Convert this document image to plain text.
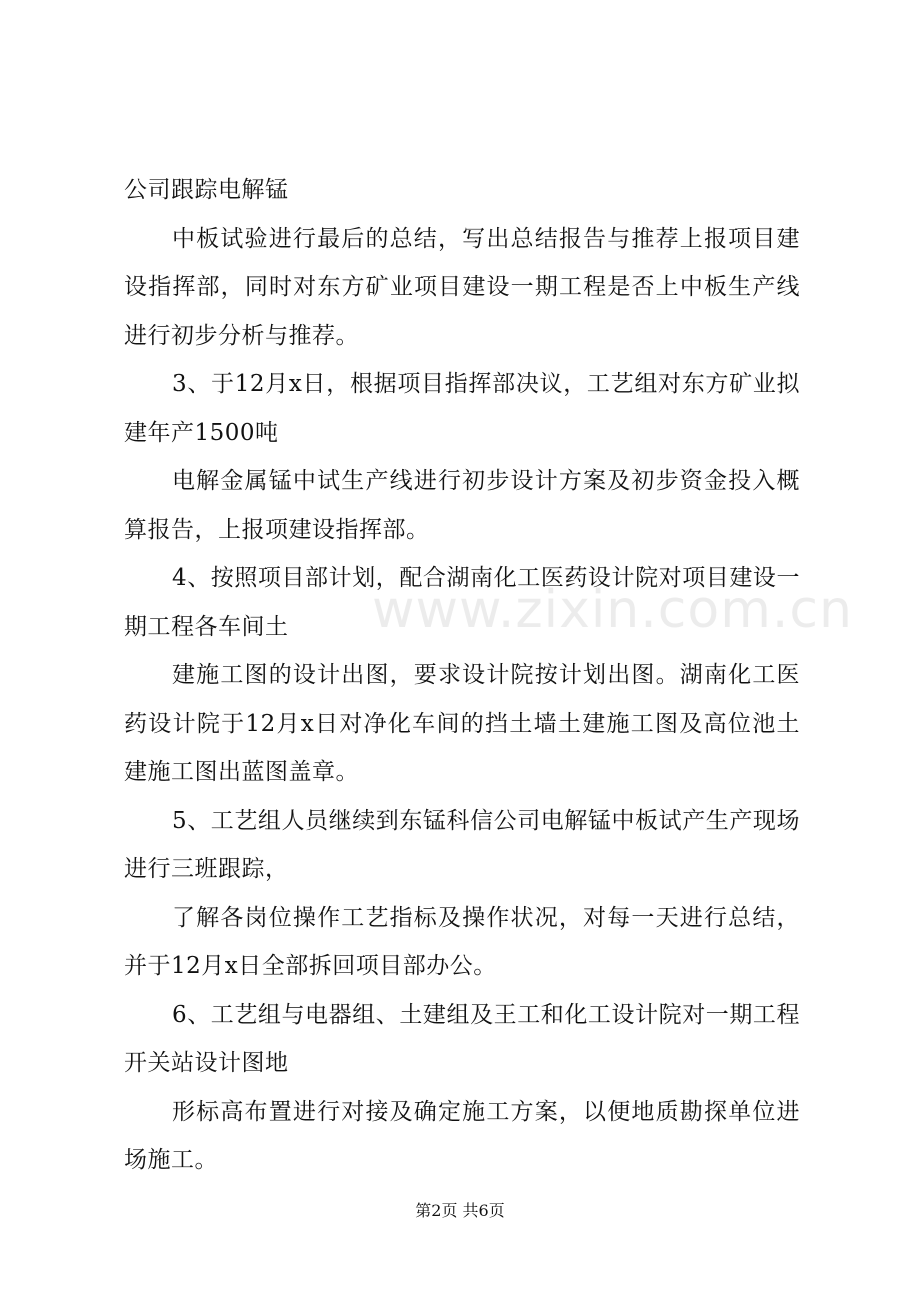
公司跟踪电解锰

中板试验进行最后的总结，写出总结报告与推荐上报项目建设指挥部，同时对东方矿业项目建设一期工程是否上中板生产线进行初步分析与推荐。

3、于12月x日，根据项目指挥部决议，工艺组对东方矿业拟建年产1500吨

电解金属锰中试生产线进行初步设计方案及初步资金投入概算报告，上报项建设指挥部。

4、按照项目部计划，配合湖南化工医药设计院对项目建设一期工程各车间土

建施工图的设计出图，要求设计院按计划出图。湖南化工医药设计院于12月x日对净化车间的挡土墙土建施工图及高位池土建施工图出蓝图盖章。

5、工艺组人员继续到东锰科信公司电解锰中板试产生产现场进行三班跟踪，

了解各岗位操作工艺指标及操作状况，对每一天进行总结，并于12月x日全部拆回项目部办公。

6、工艺组与电器组、土建组及王工和化工设计院对一期工程开关站设计图地

形标高布置进行对接及确定施工方案，以便地质勘探单位进场施工。

www.zixin.com.cn
第2页 共6页
